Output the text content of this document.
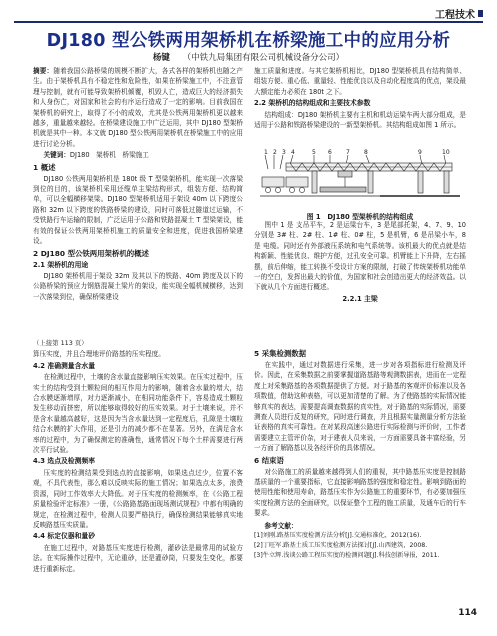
工程技术
DJ180 型公铁两用架桥机在桥梁施工中的应用分析
杨键 （中铁九局集团有限公司机械设备分公司）

摘要：随着我国公路桥梁的规模不断扩大，各式各样的架桥机也随之产生。由于架桥机具有不稳定性和危险性，如果在桥梁施工中，不注意管理与控制，就有可能导致架桥机倾覆，机毁人亡，造成巨大的经济损失和人身伤亡，对国家和社会的有序运行造成了一定的影响。目前我国在架桥机的研究上，取得了不小的成效，尤其是公铁两用架桥机更以越来越多，重量越来越轻。在桥梁建设施工中广泛运用，其中 DJ180 型架桥机就是其中一种。本文就 DJ180 型公铁两用架桥机在桥梁施工中的应用进行讨论分析。

关键词：DJ180　架桥机　桥梁施工

1 概述

DJ180 公铁两用架桥机是 180t 级 T 型梁架桥机，能实现一次落梁到位的目的，该架桥机采用还缆单主梁结构形式，组装方便、结构简单，可以全幅横移架梁。DJ180 型架桥机适用于架设 40m 以下跨度公路和 32m 以下跨度的铁路桥梁的建设，同时可落低过隧道过运输，不受铁路行车运输的限制，广泛运用于公路和铁路混凝土 T 型梁架设，能有效的保证公铁两用架桥机施工的质量安全和进度，促进我国桥梁建设。

2 DJ180 型公铁两用架桥机的概述
2.1 架桥机的用途

DJ180 架桥机用于架设 32m 及其以下的铁路、40m 跨度及以下的公路桥梁的预应力钢筋混凝土梁片的架设，能实现全幅机械横移，达到一次落梁到位，确保桥梁建设

施工质量和进度。与其它架桥机相比，DJ180 型架桥机具有结构简单、组装方便、重心低、重量轻、性能优良以及自动化程度高的优点，架设最大额定能力必须在 180t 之下。

2.2 架桥机的结构组成和主要技术参数

结构组成：DJ180 架桥机主要有主机和机动运梁车两大部分组成，是适用于公路和铁路桥梁建设的一新型架桥机。其结构组成如图 1 所示。

1 2 3 4	5 6 7 8	9	10
图 1　DJ180 型架桥机的结构组成

图中 1 是 支吊平车，2 是运梁台车，3 是尾部托架，4、7、9、10 分别是 3# 柱、2# 柱、1# 柱、0# 柱，5 是机臂，6 是吊梁小车，8 是 电缆。同时还有外部液压系统和电气系统等。该机最大的优点就是结构新颖、性能优良、维护方便，过孔安全可靠。机臂能上下升降，左右摇摆，前后伸缩，能工转换不受设计方案的限制，打破了传统架桥机功能单一的空白，发挥出最大的价值，为国家和社会创造出更大的经济效益。以下就从几个方面进行概述。

2.2.1 主梁
（上接第 113 页）

算压实度，并且合理地评价路基的压实程度。

4.2 准确测量含水量

在检测过程中，土壤的含水量直接影响压实效果。在压实过程中，压实土的结构受到土颗粒间的相互作用力的影响，随着含水量的增大，结合水膜逐渐增厚，对力逐渐减小，在相同功能条件下，容易造成土颗粒发生移动而挤密，所以能够取得较好的压实效果。对于土壤来说，并不是含水量越高越好，这是因为当含水量达到一定程度后，孔隙是土壤粒结合水膜的扩大作用，还是引力的减少都不在显著。另外，在满足含水率的过程中，为了确保测定的准确性，通常情况下每个土样需要进行两次平行试验。

4.3 选点及检测频率

压实度的检测结果受到选点的直接影响，如果选点过少，位置不客观，不具代表性，那么难以反映实际的施工情况；如果选点太多，浪费资源，同时工作效率大大降低。对于压实度的检测频率，在《公路工程质量检验评定标准》一册，《公路路基路面现场测试规程》中都有明确的规定，在检测过程中，检测人员要严格执行，确保检测结果能够真实地反映路基压实质量。

4.4 标定仪器和量砂

在施工过程中，对路基压实度进行检测，灌砂法是最常用的试验方法。在实际操作过程中，无论重砂，还是灌砂筒，只要发生变化，都要进行重新标定。

5 采集检测数据

在实践中，通过对数据进行采集，进一步对各项指标进行检测及评价。因此，在采集数据之前要掌握道路基路等观测数据表，进而在一定程度上对采集路基的各项数据提供了方便。对于路基的客观评价标准以及各项数值，借助这种表格，可以更加清楚的了解。为了使路基的实际情况能够真实的表达，需要提高调查数据的真实性，对于路基的实际情况，需要测查人员进行反复的研究，同时进行调查，并且根据实量测量分析方法验证表格的真实可靠性。在对某段高速公路进行实际检测与评价时，工作者需要建立主管评价杂，对于建表人员来说，一方面需要具备丰富经验，另一方面了解路基以及各经评价的具体情况。

6 结束语

对公路施工的质量越来越得到人们的重视，其中路基压实度是控制路基质量的一个重要指标，它直接影响路基的强度和稳定性。影响到路面的使用性能和使用寿命，路基压实作为公路施工的重要环节，有必要加强压实度检测方法的全面研究，以保证整个工程的施工质量，及通车后的行车要求。

参考文献：

[1]刘刚.路基压实度检测方法分析[J].交通标准化，2012(16).

[2]丁旺军.路基土质工压实度检测方法探讨[J].山西建筑，2008.

[3]牛立辉.浅谈公路工程压实度的检测问题[J].科技创新导报，2011.

114
